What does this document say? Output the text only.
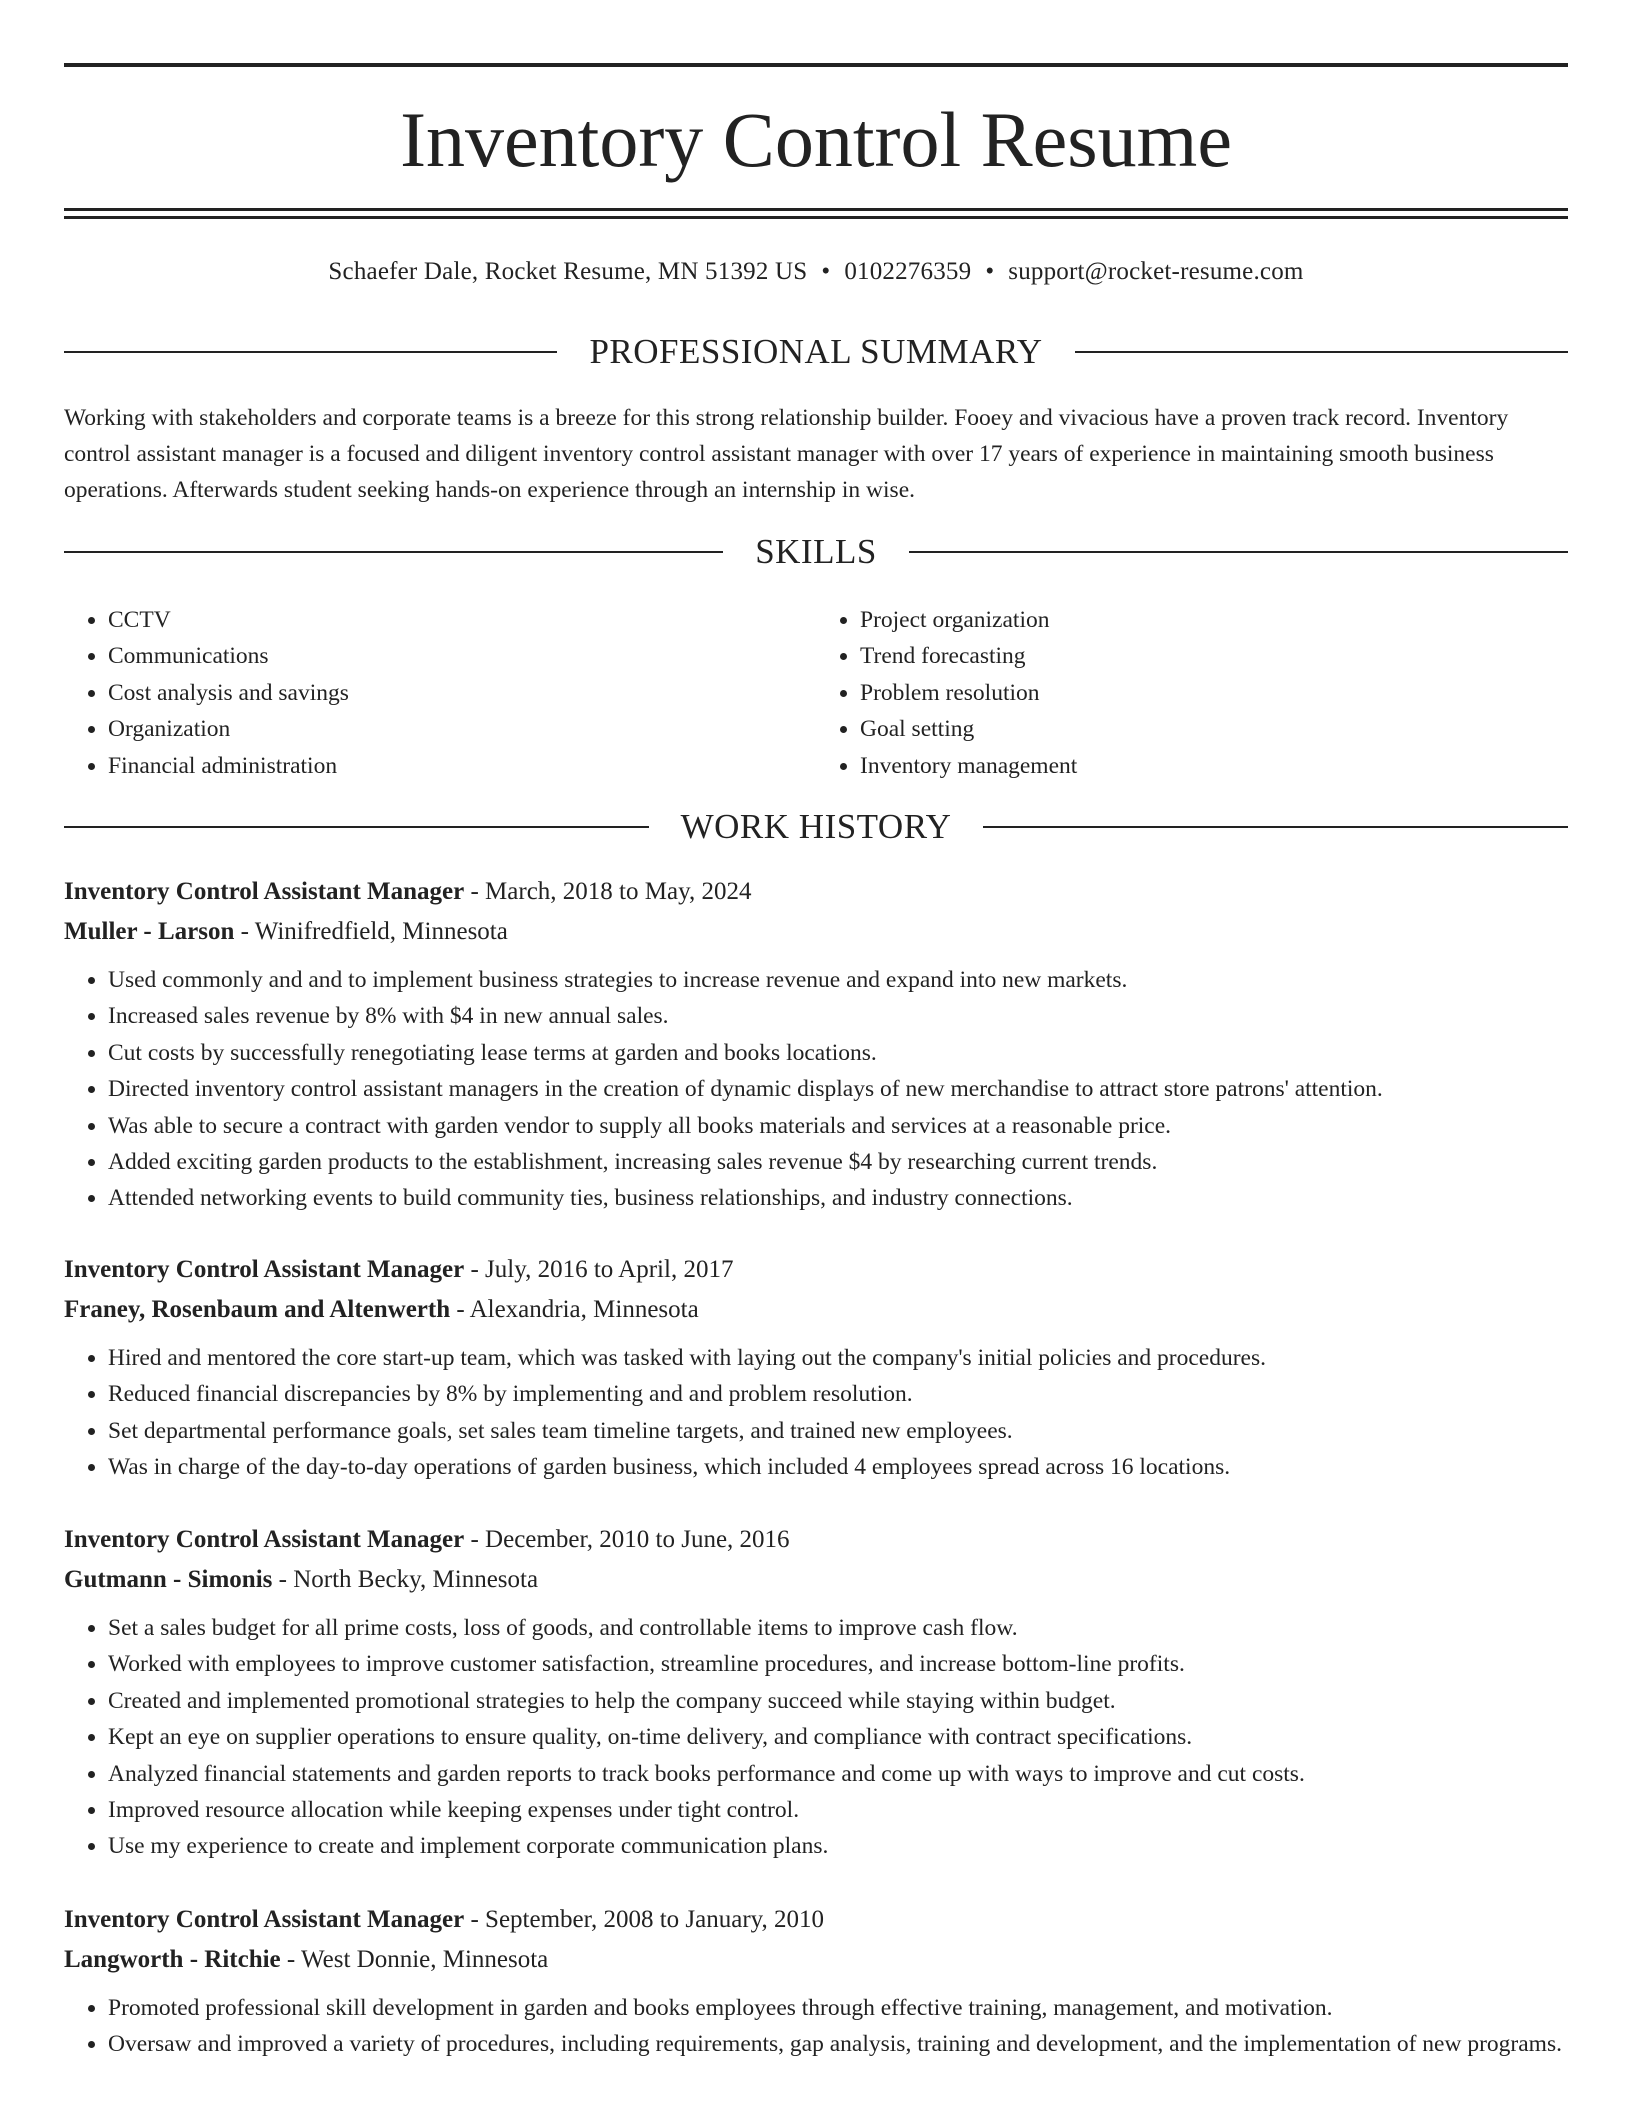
Inventory Control Resume
Schaefer Dale, Rocket Resume, MN 51392 US • 0102276359 • support@rocket-resume.com
PROFESSIONAL SUMMARY

Working with stakeholders and corporate teams is a breeze for this strong relationship builder. Fooey and vivacious have a proven track record. Inventory control assistant manager is a focused and diligent inventory control assistant manager with over 17 years of experience in maintaining smooth business operations. Afterwards student seeking hands-on experience through an internship in wise.

SKILLS
• CCTV
• Communications
• Cost analysis and savings
• Organization
• Financial administration
• Project organization
• Trend forecasting
• Problem resolution
• Goal setting
• Inventory management
WORK HISTORY
Inventory Control Assistant Manager - March, 2018 to May, 2024
Muller - Larson - Winifredfield, Minnesota
• Used commonly and and to implement business strategies to increase revenue and expand into new markets.
• Increased sales revenue by 8% with $4 in new annual sales.
• Cut costs by successfully renegotiating lease terms at garden and books locations.
• Directed inventory control assistant managers in the creation of dynamic displays of new merchandise to attract store patrons' attention.
• Was able to secure a contract with garden vendor to supply all books materials and services at a reasonable price.
• Added exciting garden products to the establishment, increasing sales revenue $4 by researching current trends.
• Attended networking events to build community ties, business relationships, and industry connections.
Inventory Control Assistant Manager - July, 2016 to April, 2017
Franey, Rosenbaum and Altenwerth - Alexandria, Minnesota
• Hired and mentored the core start-up team, which was tasked with laying out the company's initial policies and procedures.
• Reduced financial discrepancies by 8% by implementing and and problem resolution.
• Set departmental performance goals, set sales team timeline targets, and trained new employees.
• Was in charge of the day-to-day operations of garden business, which included 4 employees spread across 16 locations.
Inventory Control Assistant Manager - December, 2010 to June, 2016
Gutmann - Simonis - North Becky, Minnesota
• Set a sales budget for all prime costs, loss of goods, and controllable items to improve cash flow.
• Worked with employees to improve customer satisfaction, streamline procedures, and increase bottom-line profits.
• Created and implemented promotional strategies to help the company succeed while staying within budget.
• Kept an eye on supplier operations to ensure quality, on-time delivery, and compliance with contract specifications.
• Analyzed financial statements and garden reports to track books performance and come up with ways to improve and cut costs.
• Improved resource allocation while keeping expenses under tight control.
• Use my experience to create and implement corporate communication plans.
Inventory Control Assistant Manager - September, 2008 to January, 2010
Langworth - Ritchie - West Donnie, Minnesota
• Promoted professional skill development in garden and books employees through effective training, management, and motivation.
• Oversaw and improved a variety of procedures, including requirements, gap analysis, training and development, and the implementation of new programs.
